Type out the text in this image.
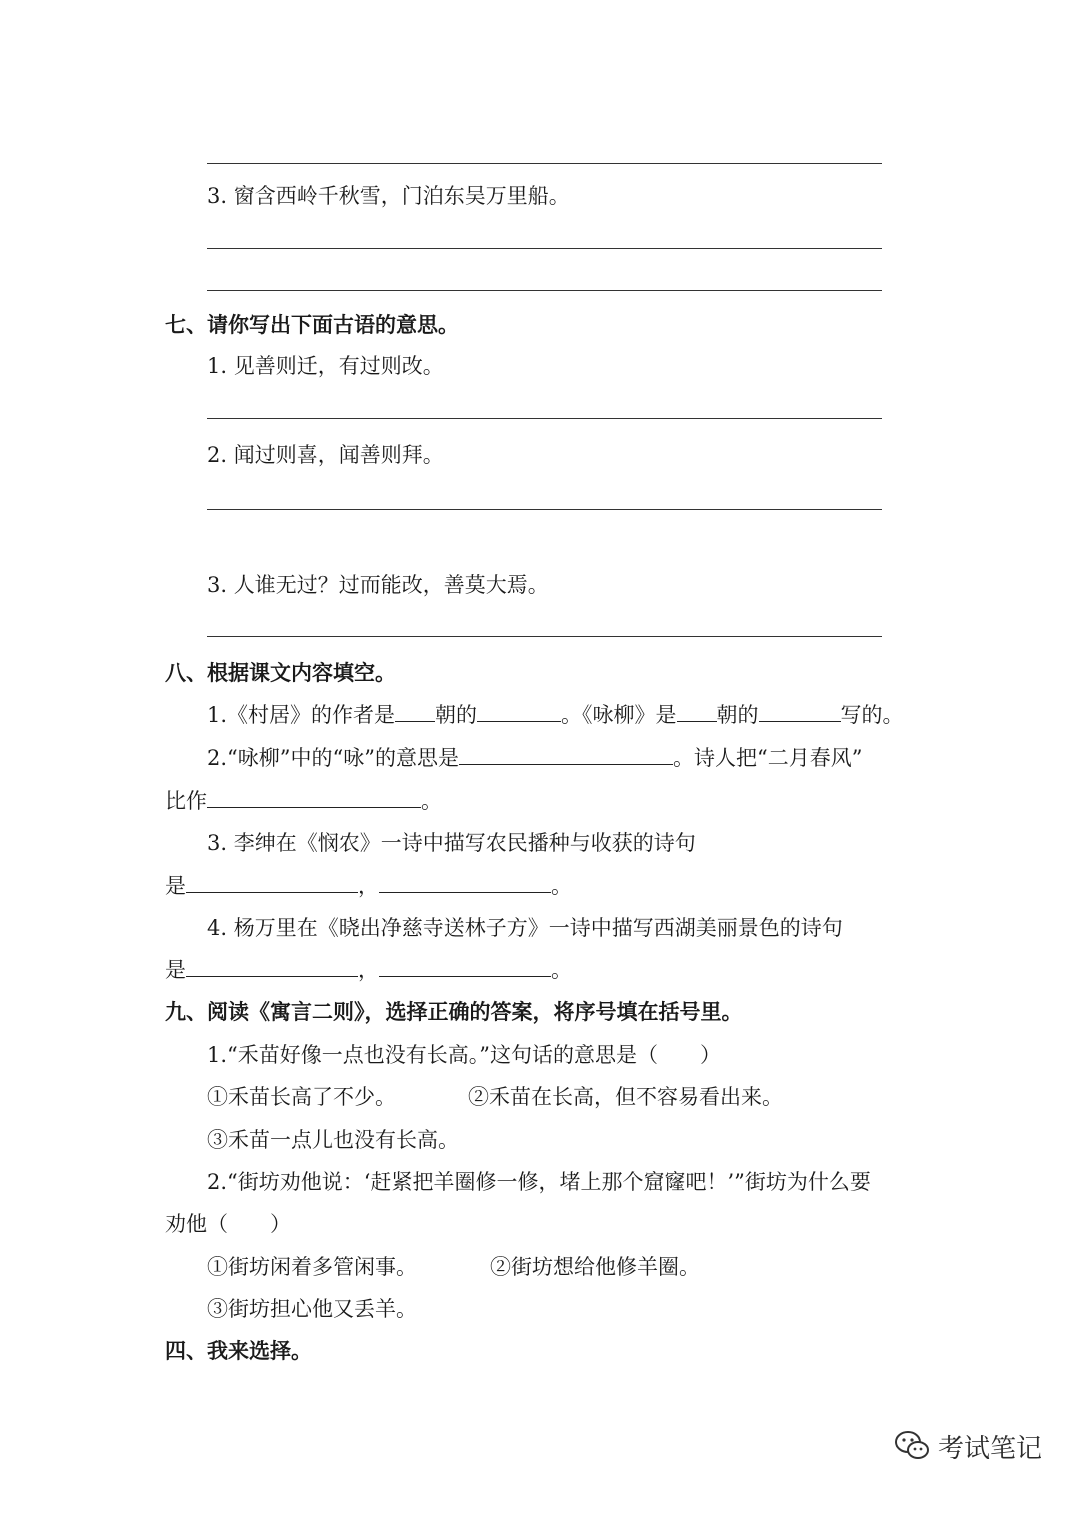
3. 窗含西岭千秋雪，门泊东吴万里船。
七、请你写出下面古语的意思。
1. 见善则迁，有过则改。
2. 闻过则喜，闻善则拜。
3. 人谁无过？过而能改，善莫大焉。
八、根据课文内容填空。
1.《村居》的作者是 朝的	。《咏柳》是 朝的	写的。
2.“咏柳”中的“咏”的意思是	。诗人把“二月春风”
比作	。
3. 李绅在《悯农》一诗中描写农民播种与收获的诗句
是	，	。
4. 杨万里在《晓出净慈寺送林子方》一诗中描写西湖美丽景色的诗句
是	，	。
九、阅读《寓言二则》，选择正确的答案，将序号填在括号里。
1.“禾苗好像一点也没有长高。”这句话的意思是（　　）
①禾苗长高了不少。	②禾苗在长高，但不容易看出来。
③禾苗一点儿也没有长高。
2.“街坊劝他说：‘赶紧把羊圈修一修，堵上那个窟窿吧！’”街坊为什么要
劝他（　　）
①街坊闲着多管闲事。	②街坊想给他修羊圈。
③街坊担心他又丢羊。
四、我来选择。
考试笔记
